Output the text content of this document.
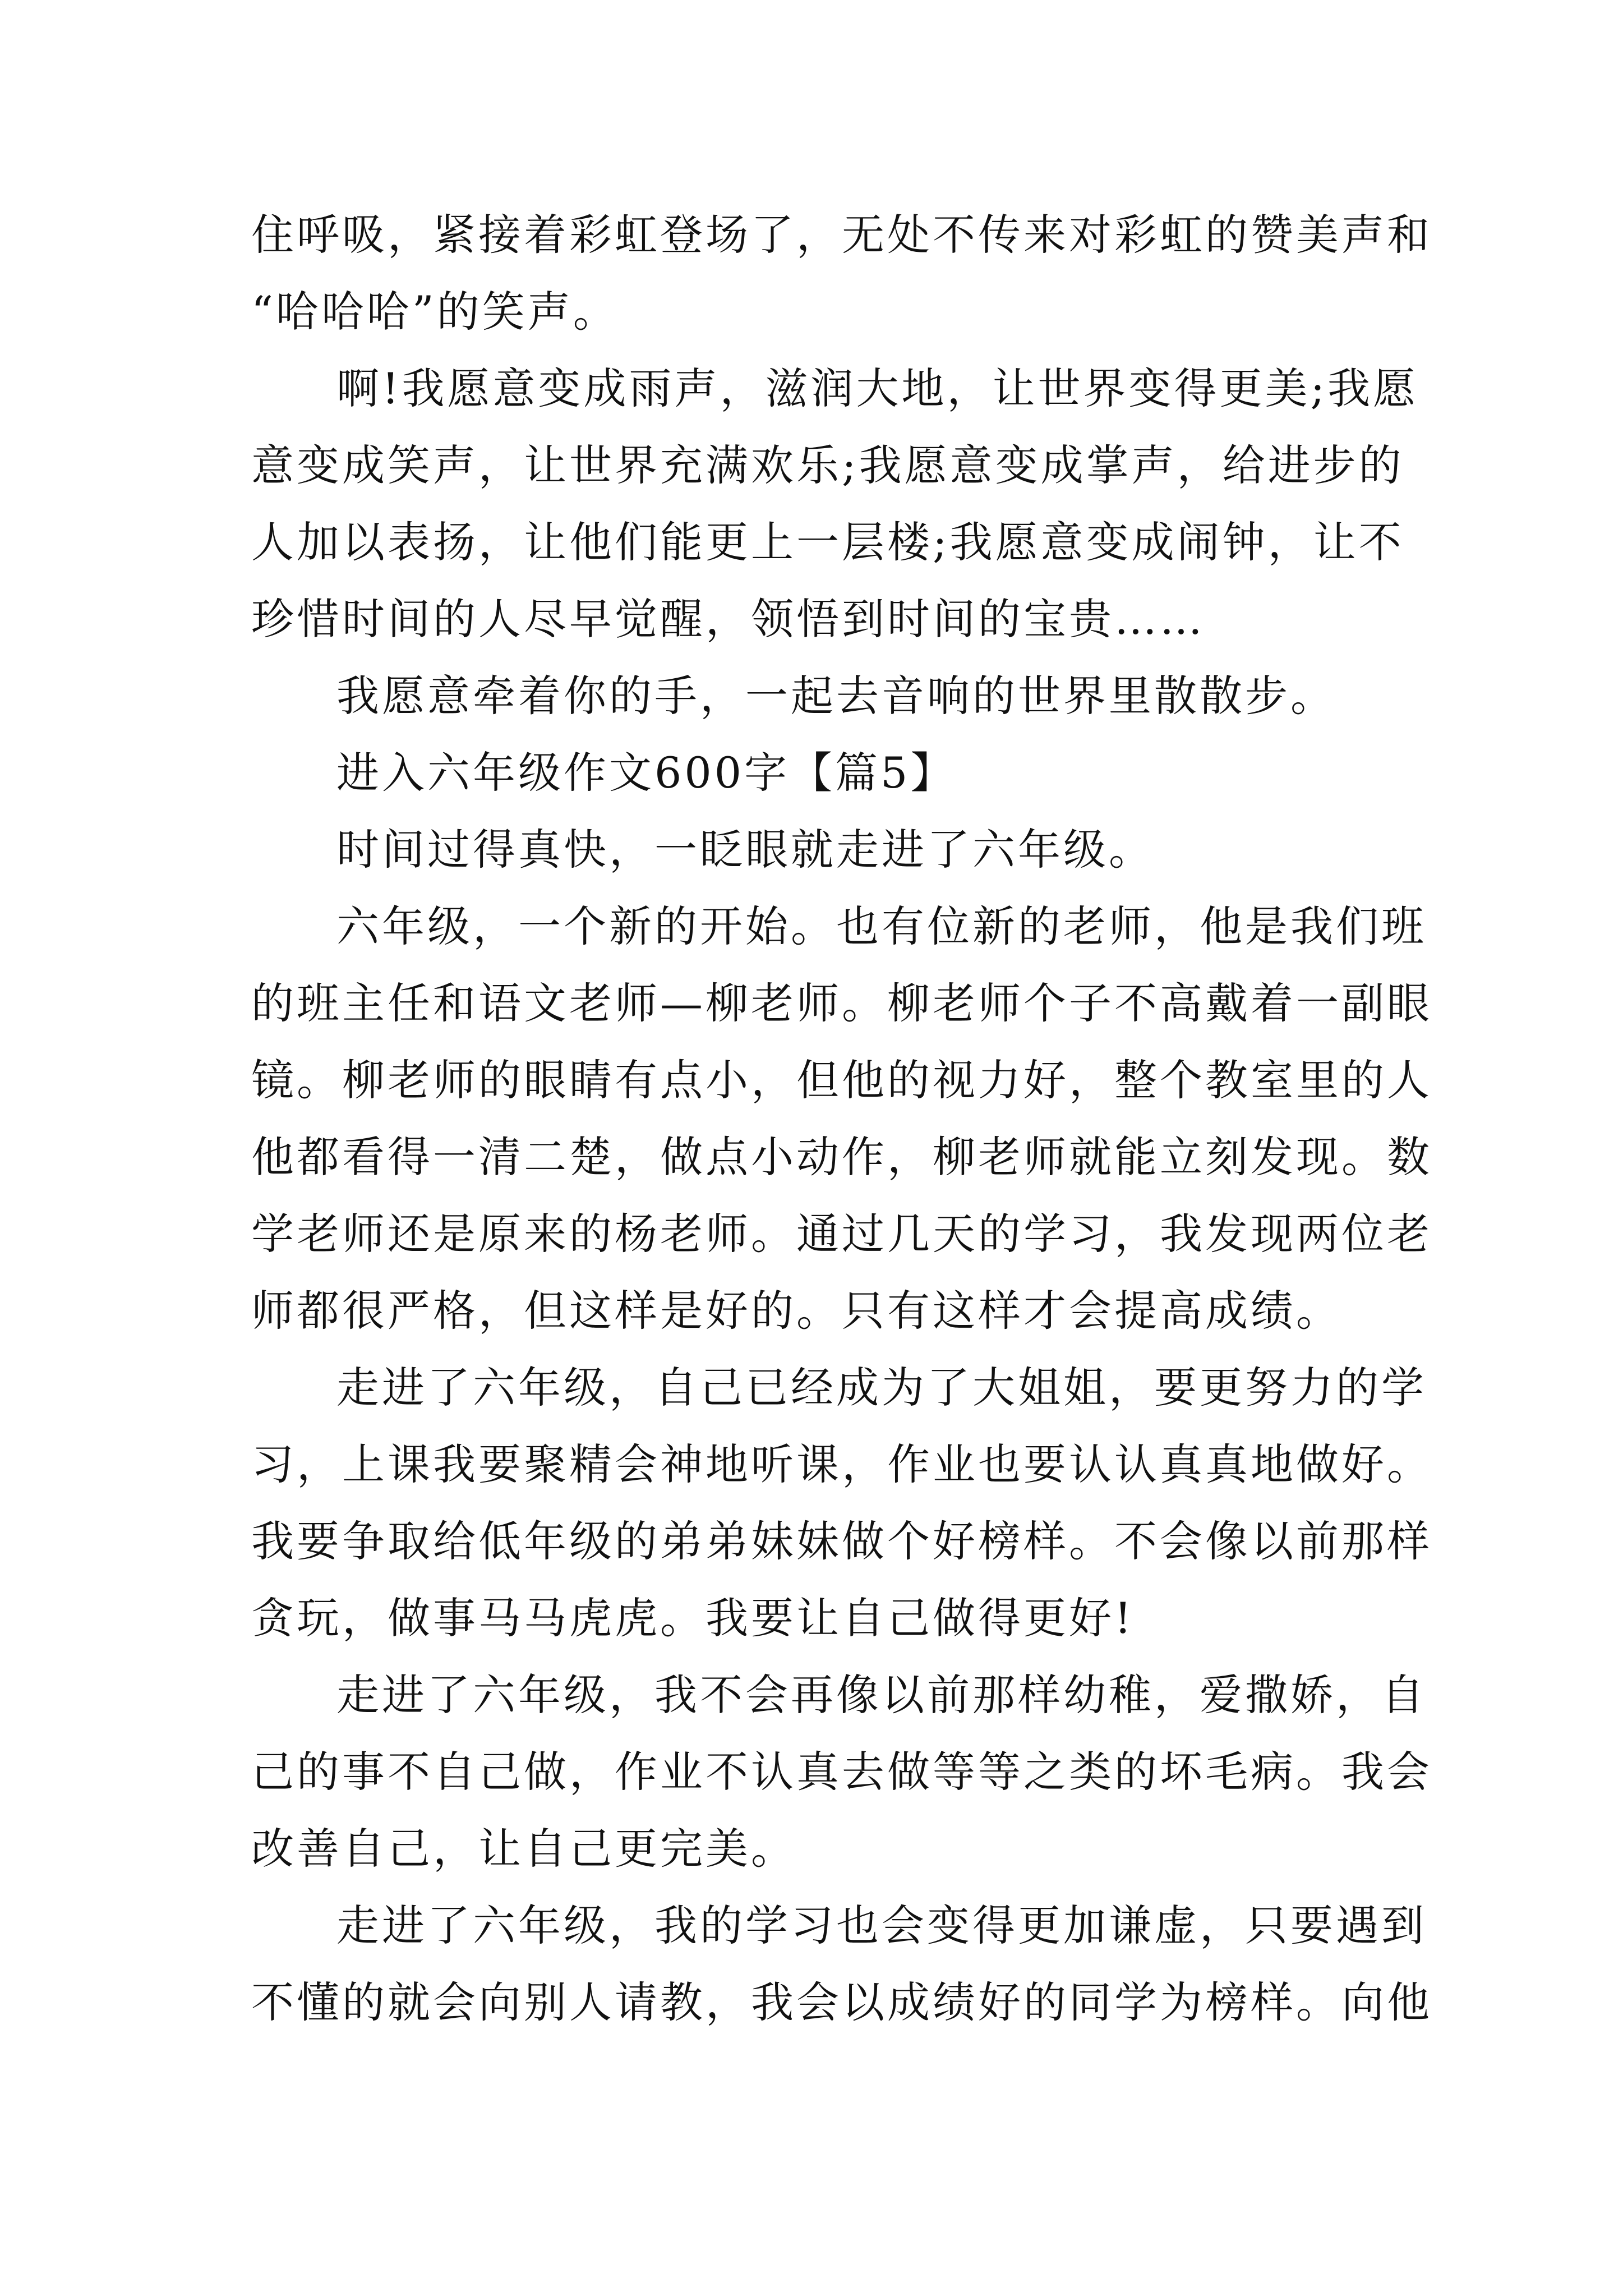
住呼吸，紧接着彩虹登场了，无处不传来对彩虹的赞美声和
“哈哈哈”的笑声。
啊!我愿意变成雨声，滋润大地，让世界变得更美;我愿
意变成笑声，让世界充满欢乐;我愿意变成掌声，给进步的
人加以表扬，让他们能更上一层楼;我愿意变成闹钟，让不
珍惜时间的人尽早觉醒，领悟到时间的宝贵……
我愿意牵着你的手，一起去音响的世界里散散步。
进入六年级作文600字【篇5】
时间过得真快，一眨眼就走进了六年级。
六年级，一个新的开始。也有位新的老师，他是我们班
的班主任和语文老师—柳老师。柳老师个子不高戴着一副眼
镜。柳老师的眼睛有点小，但他的视力好，整个教室里的人
他都看得一清二楚，做点小动作，柳老师就能立刻发现。数
学老师还是原来的杨老师。通过几天的学习，我发现两位老
师都很严格，但这样是好的。只有这样才会提高成绩。
走进了六年级，自己已经成为了大姐姐，要更努力的学
习，上课我要聚精会神地听课，作业也要认认真真地做好。
我要争取给低年级的弟弟妹妹做个好榜样。不会像以前那样
贪玩，做事马马虎虎。我要让自己做得更好!
走进了六年级，我不会再像以前那样幼稚，爱撒娇，自
己的事不自己做，作业不认真去做等等之类的坏毛病。我会
改善自己，让自己更完美。
走进了六年级，我的学习也会变得更加谦虚，只要遇到
不懂的就会向别人请教，我会以成绩好的同学为榜样。向他
